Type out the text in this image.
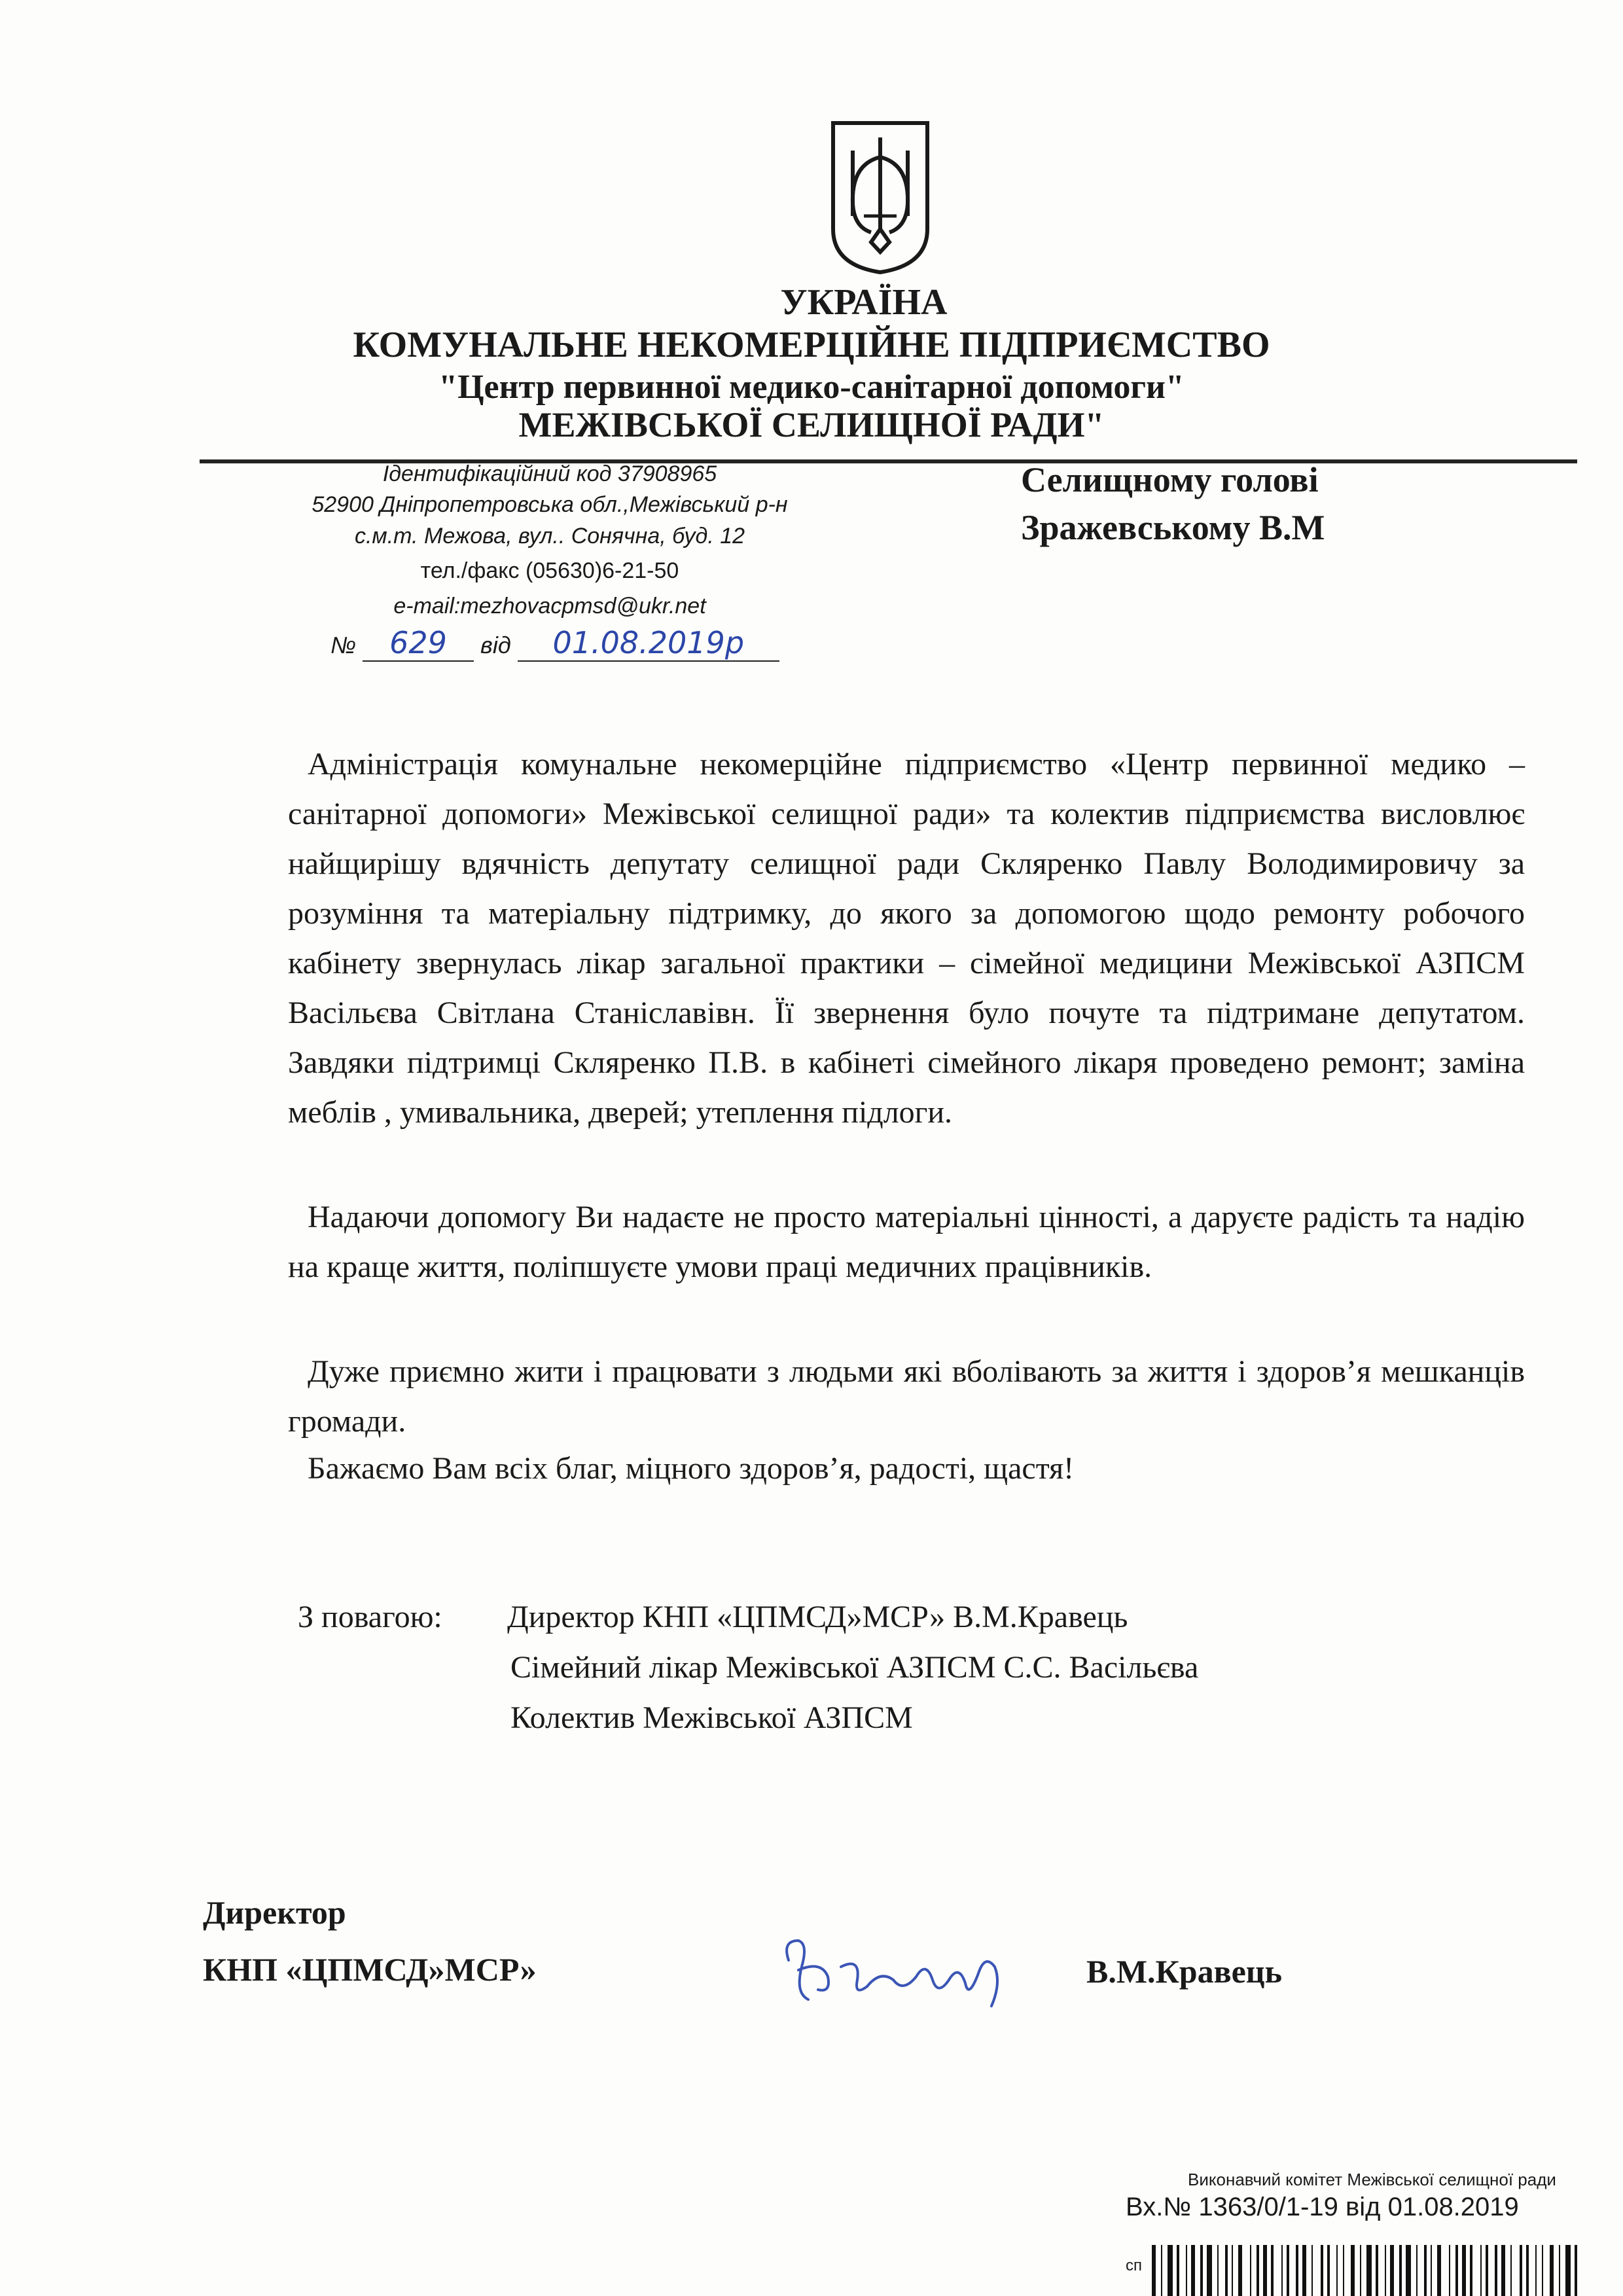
УКРАЇНА
КОМУНАЛЬНЕ НЕКОМЕРЦІЙНЕ ПІДПРИЄМСТВО
"Центр первинної медико-санітарної допомоги"
МЕЖІВСЬКОЇ СЕЛИЩНОЇ РАДИ"
Ідентифікаційний код 37908965
52900 Дніпропетровська обл.,Межівський р-н
с.м.т. Межова, вул.. Сонячна, буд. 12
тел./факс (05630)6-21-50
e-mail:mezhovacpmsd@ukr.net
№ 629 від 01.08.2019р
Селищному голові
Зражевському В.М
Адміністрація комунальне некомерційне підприємство «Центр первинної медико – санітарної допомоги» Межівської селищної ради» та колектив підприємства висловлює найщирішу вдячність депутату селищної ради Скляренко Павлу Володимировичу за розуміння та матеріальну підтримку, до якого за допомогою щодо ремонту робочого кабінету звернулась лікар загальної практики – сімейної медицини Межівської АЗПСМ Васільєва Світлана Станіславівн. Її звернення було почуте та підтримане депутатом. Завдяки підтримці Скляренко П.В. в кабінеті сімейного лікаря проведено ремонт; заміна меблів , умивальника, дверей; утеплення підлоги.
Надаючи допомогу Ви надаєте не просто матеріальні цінності, а даруєте радість та надію на краще життя, поліпшуєте умови праці медичних працівників.
Дуже приємно жити і працювати з людьми які вболівають за життя і здоров’я мешканців громади.
Бажаємо Вам всіх благ, міцного здоров’я, радості, щастя!
З повагою: Директор КНП «ЦПМСД»МСР» В.М.Кравець
Сімейний лікар Межівської АЗПСМ С.С. Васільєва
Колектив Межівської АЗПСМ
Директор
КНП «ЦПМСД»МСР»	В.М.Кравець
Виконавчий комітет Межівської селищної ради
Вх.№ 1363/0/1-19 від 01.08.2019
сп
